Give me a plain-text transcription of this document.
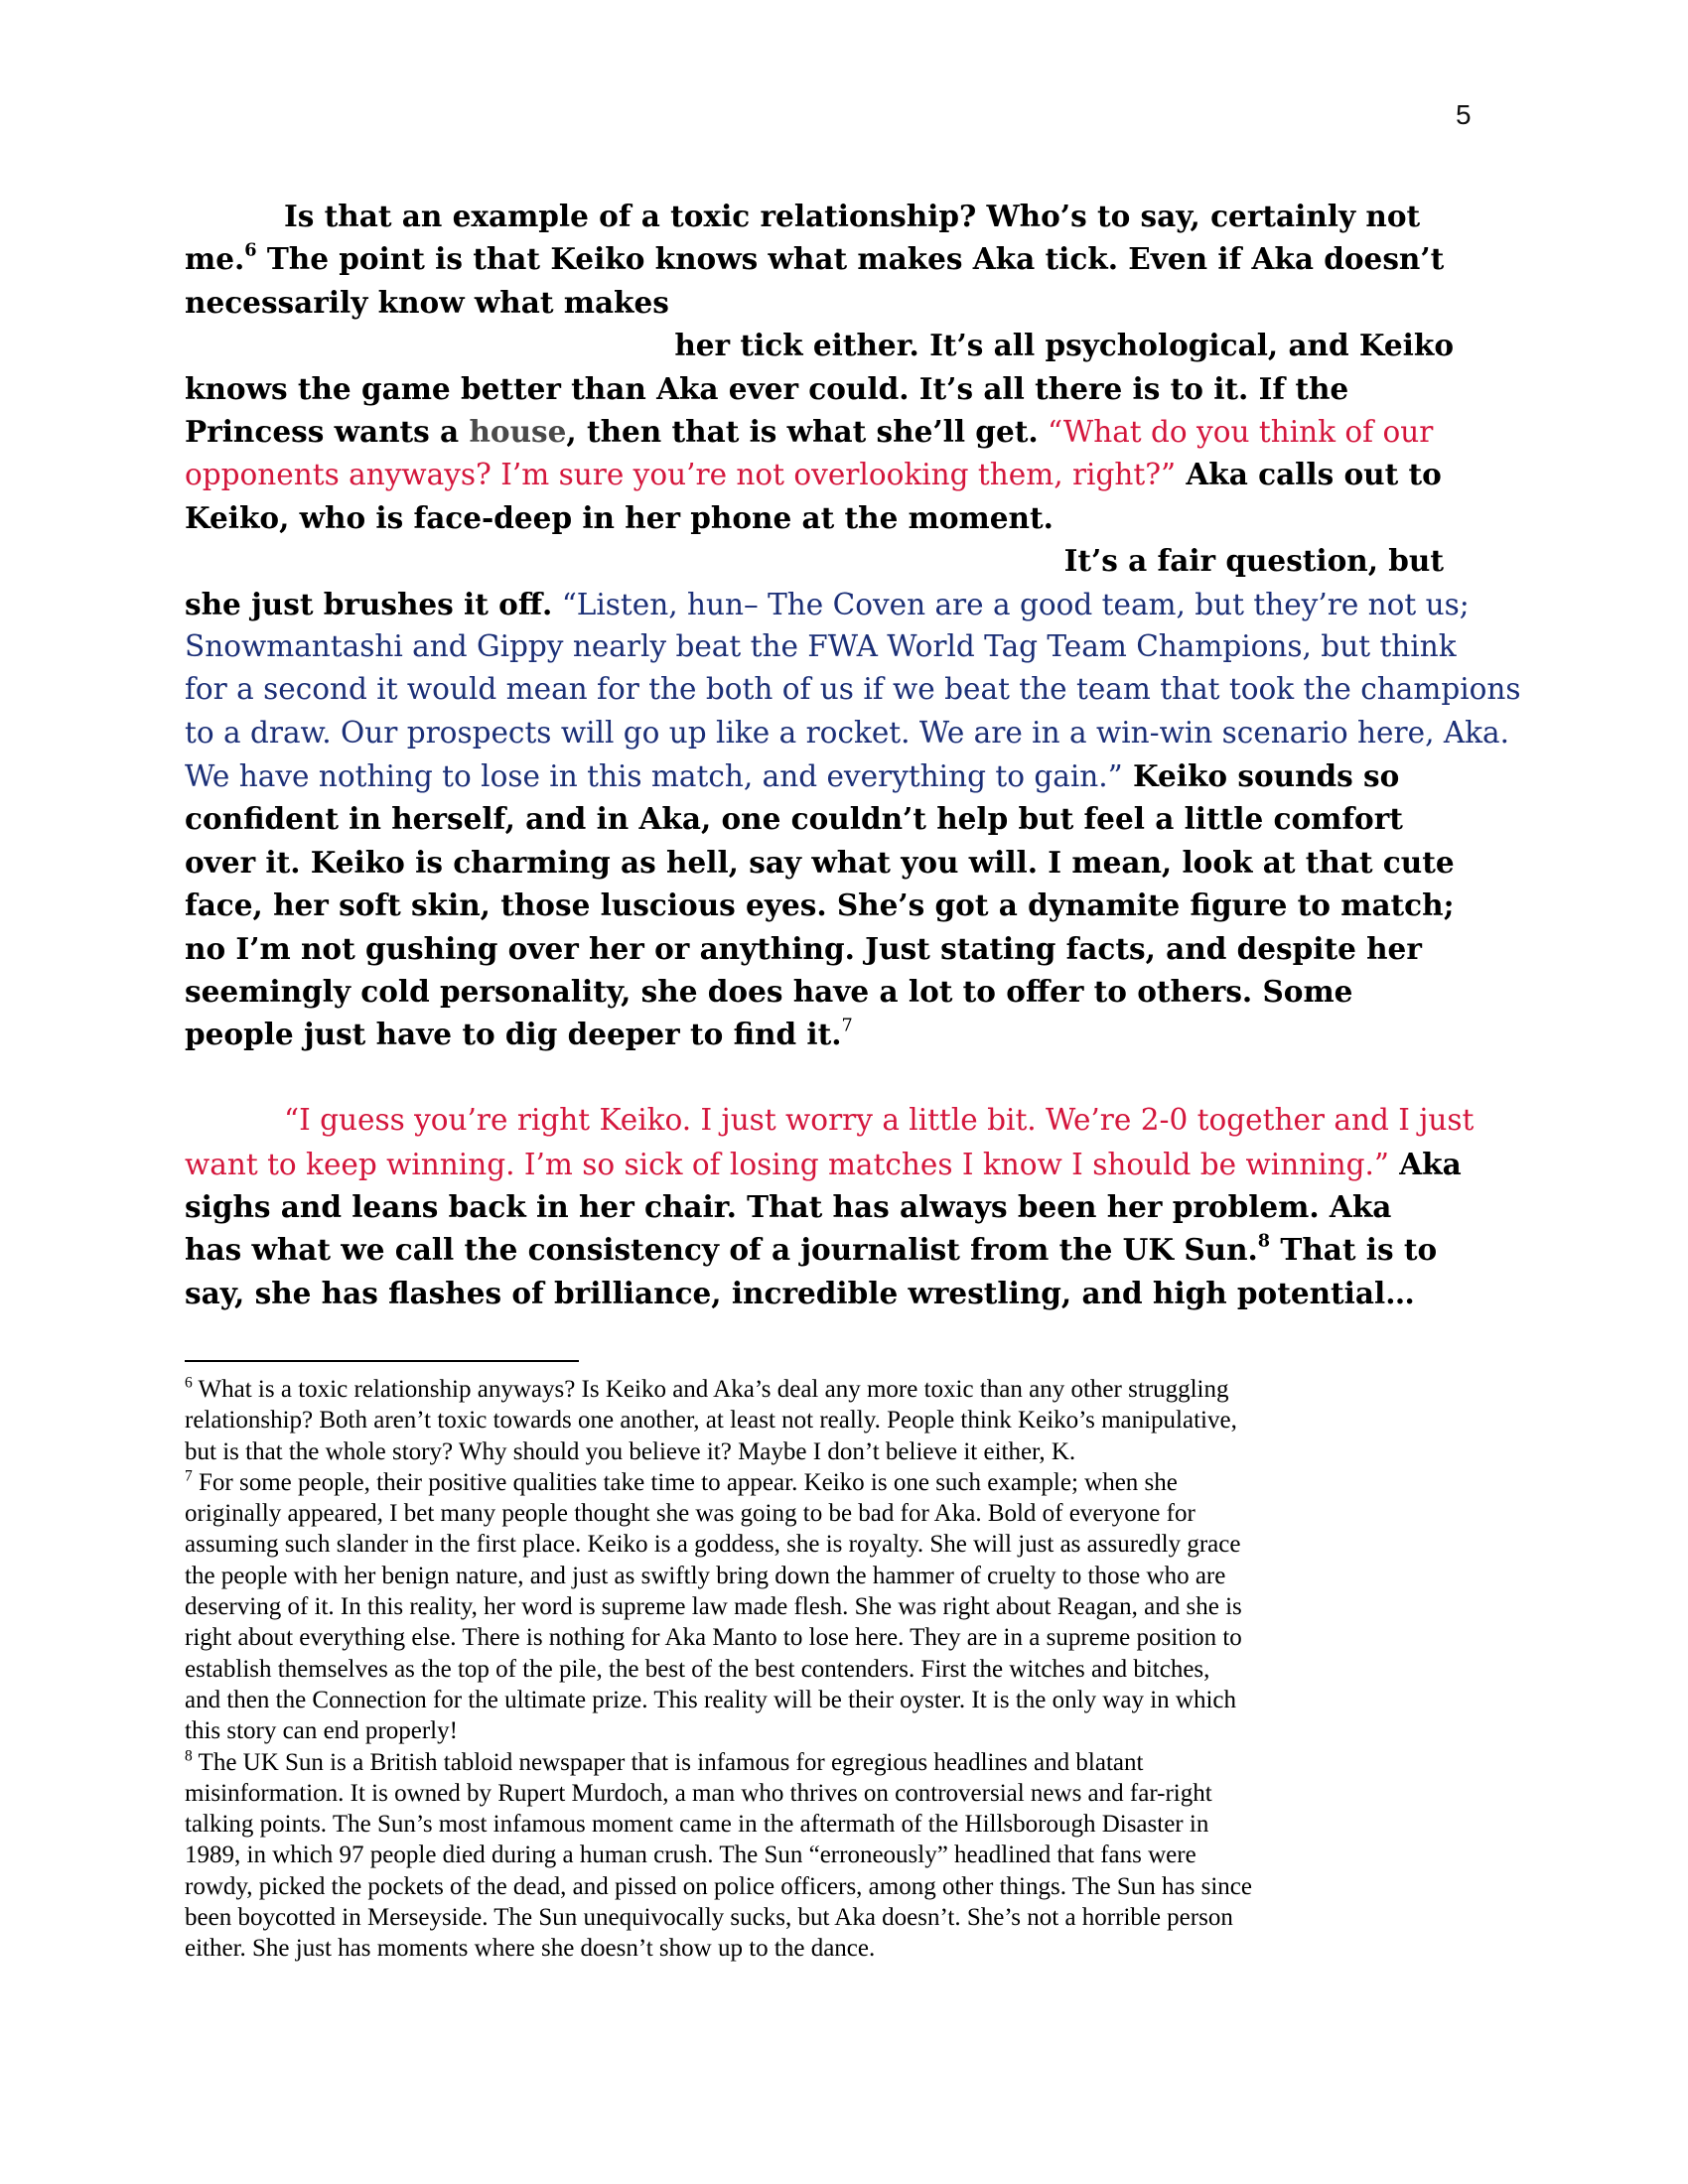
5
Is that an example of a toxic relationship? Who’s to say, certainly not
me.$^6$ The point is that Keiko knows what makes Aka tick. Even if Aka doesn’t
necessarily know what makes
her tick either. It’s all psychological, and Keiko
knows the game better than Aka ever could. It’s all there is to it. If the
Princess wants a house, then that is what she’ll get. “What do you think of our
opponents anyways? I’m sure you’re not overlooking them, right?” Aka calls out to
Keiko, who is face-deep in her phone at the moment.
It’s a fair question, but
she just brushes it off. “Listen, hun– The Coven are a good team, but they’re not us;
Snowmantashi and Gippy nearly beat the FWA World Tag Team Champions, but think
for a second it would mean for the both of us if we beat the team that took the champions
to a draw. Our prospects will go up like a rocket. We are in a win-win scenario here, Aka.
We have nothing to lose in this match, and everything to gain.” Keiko sounds so
confident in herself, and in Aka, one couldn’t help but feel a little comfort
over it. Keiko is charming as hell, say what you will. I mean, look at that cute
face, her soft skin, those luscious eyes. She’s got a dynamite figure to match;
no I’m not gushing over her or anything. Just stating facts, and despite her
seemingly cold personality, she does have a lot to offer to others. Some
people just have to dig deeper to find it.$^7$
“I guess you’re right Keiko. I just worry a little bit. We’re 2-0 together and I just
want to keep winning. I’m so sick of losing matches I know I should be winning.” Aka
sighs and leans back in her chair. That has always been her problem. Aka
has what we call the consistency of a journalist from the UK Sun.$^8$ That is to
say, she has flashes of brilliance, incredible wrestling, and high potential…
$^6$ What is a toxic relationship anyways? Is Keiko and Aka’s deal any more toxic than any other struggling
relationship? Both aren’t toxic towards one another, at least not really. People think Keiko’s manipulative,
but is that the whole story? Why should you believe it? Maybe I don’t believe it either, K.
$^7$ For some people, their positive qualities take time to appear. Keiko is one such example; when she
originally appeared, I bet many people thought she was going to be bad for Aka. Bold of everyone for
assuming such slander in the first place. Keiko is a goddess, she is royalty. She will just as assuredly grace
the people with her benign nature, and just as swiftly bring down the hammer of cruelty to those who are
deserving of it. In this reality, her word is supreme law made flesh. She was right about Reagan, and she is
right about everything else. There is nothing for Aka Manto to lose here. They are in a supreme position to
establish themselves as the top of the pile, the best of the best contenders. First the witches and bitches,
and then the Connection for the ultimate prize. This reality will be their oyster. It is the only way in which
this story can end properly!
$^8$ The UK Sun is a British tabloid newspaper that is infamous for egregious headlines and blatant
misinformation. It is owned by Rupert Murdoch, a man who thrives on controversial news and far-right
talking points. The Sun’s most infamous moment came in the aftermath of the Hillsborough Disaster in
1989, in which 97 people died during a human crush. The Sun “erroneously” headlined that fans were
rowdy, picked the pockets of the dead, and pissed on police officers, among other things. The Sun has since
been boycotted in Merseyside. The Sun unequivocally sucks, but Aka doesn’t. She’s not a horrible person
either. She just has moments where she doesn’t show up to the dance.
